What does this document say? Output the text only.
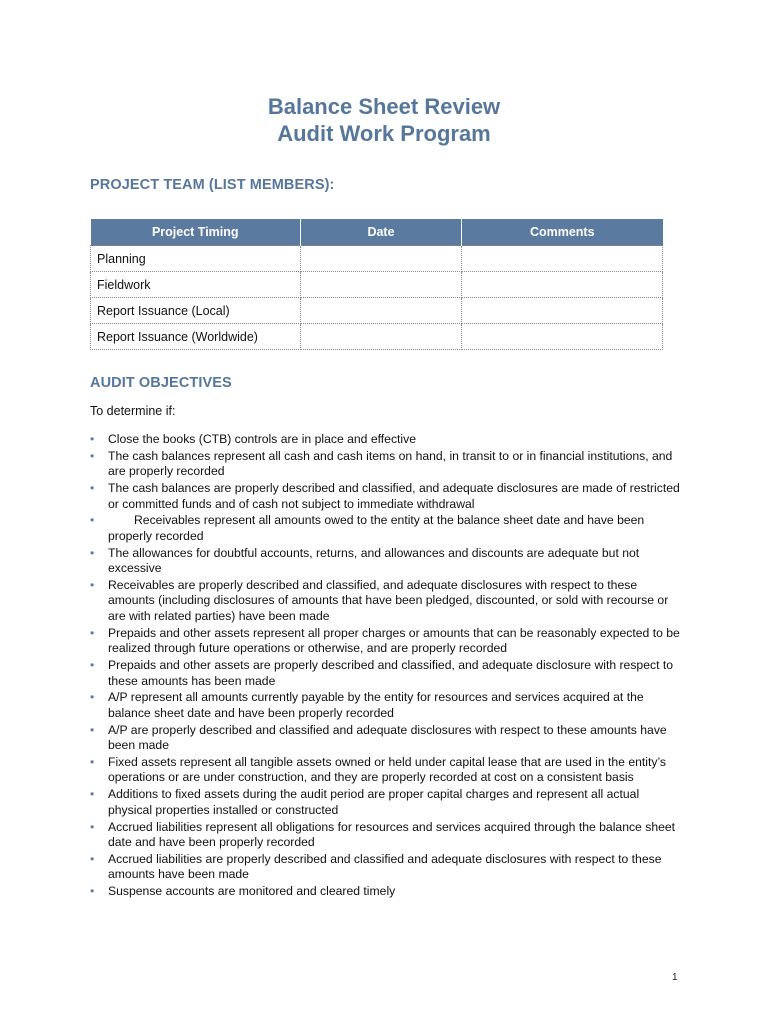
Balance Sheet Review
Audit Work Program
PROJECT TEAM (LIST MEMBERS):
Project Timing	Date	Comments
Planning		
Fieldwork		
Report Issuance (Local)		
Report Issuance (Worldwide)		
AUDIT OBJECTIVES
To determine if:
• Close the books (CTB) controls are in place and effective
• The cash balances represent all cash and cash items on hand, in transit to or in financial institutions, and are properly recorded
• The cash balances are properly described and classified, and adequate disclosures are made of restricted or committed funds and of cash not subject to immediate withdrawal
•	Receivables represent all amounts owed to the entity at the balance sheet date and have been properly recorded
• The allowances for doubtful accounts, returns, and allowances and discounts are adequate but not excessive
• Receivables are properly described and classified, and adequate disclosures with respect to these amounts (including disclosures of amounts that have been pledged, discounted, or sold with recourse or are with related parties) have been made
• Prepaids and other assets represent all proper charges or amounts that can be reasonably expected to be realized through future operations or otherwise, and are properly recorded
• Prepaids and other assets are properly described and classified, and adequate disclosure with respect to these amounts has been made
• A/P represent all amounts currently payable by the entity for resources and services acquired at the balance sheet date and have been properly recorded
• A/P are properly described and classified and adequate disclosures with respect to these amounts have been made
• Fixed assets represent all tangible assets owned or held under capital lease that are used in the entity’s operations or are under construction, and they are properly recorded at cost on a consistent basis
• Additions to fixed assets during the audit period are proper capital charges and represent all actual physical properties installed or constructed
• Accrued liabilities represent all obligations for resources and services acquired through the balance sheet date and have been properly recorded
• Accrued liabilities are properly described and classified and adequate disclosures with respect to these amounts have been made
• Suspense accounts are monitored and cleared timely
1
